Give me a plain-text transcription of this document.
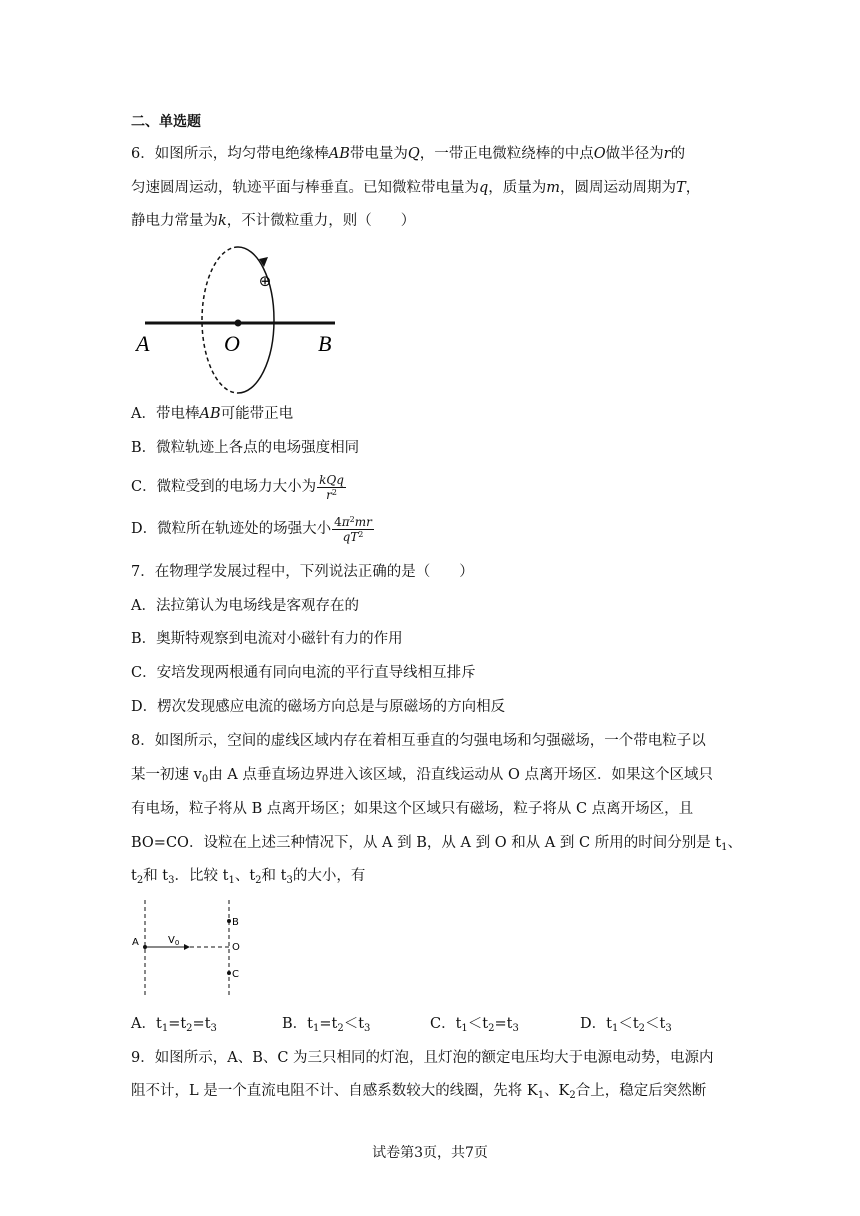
二、单选题
6．如图所示，均匀带电绝缘棒AB带电量为Q，一带正电微粒绕棒的中点O做半径为r的
匀速圆周运动，轨迹平面与棒垂直。已知微粒带电量为q，质量为m，圆周运动周期为T，
静电力常量为k，不计微粒重力，则（　　）
⊕
A	O	B
A．带电棒AB可能带正电
B．微粒轨迹上各点的电场强度相同
C．微粒受到的电场力大小为 $\frac{\text{kQq}}{r^2}$
D．微粒所在轨迹处的场强大小 $\frac{4\pi^2mr}{qT^2}$
7．在物理学发展过程中，下列说法正确的是（　　）
A．法拉第认为电场线是客观存在的
B．奥斯特观察到电流对小磁针有力的作用
C．安培发现两根通有同向电流的平行直导线相互排斥
D．楞次发现感应电流的磁场方向总是与原磁场的方向相反
8．如图所示，空间的虚线区域内存在着相互垂直的匀强电场和匀强磁场，一个带电粒子以
某一初速 $v_0$由 A 点垂直场边界进入该区域，沿直线运动从 O 点离开场区．如果这个区域只
有电场，粒子将从 B 点离开场区；如果这个区域只有磁场，粒子将从 C 点离开场区，且
BO=CO．设粒在上述三种情况下，从 A 到 B，从 A 到 O 和从 A 到 C 所用的时间分别是 $t_1$、
$t_2$和 $t_3$．比较 $t_1$、$t_2$和 $t_3$的大小，有
A	$V_0$
B
O
C
A．$t_1=t_2=t_3$	B．$t_1=t_2<t_3$	C．$t_1<t_2=t_3$	D．$t_1<t_2<t_3$
9．如图所示，A、B、C 为三只相同的灯泡，且灯泡的额定电压均大于电源电动势，电源内
阻不计，L 是一个直流电阻不计、自感系数较大的线圈，先将 $K_1$、$K_2$合上，稳定后突然断
试卷第3页，共7页
